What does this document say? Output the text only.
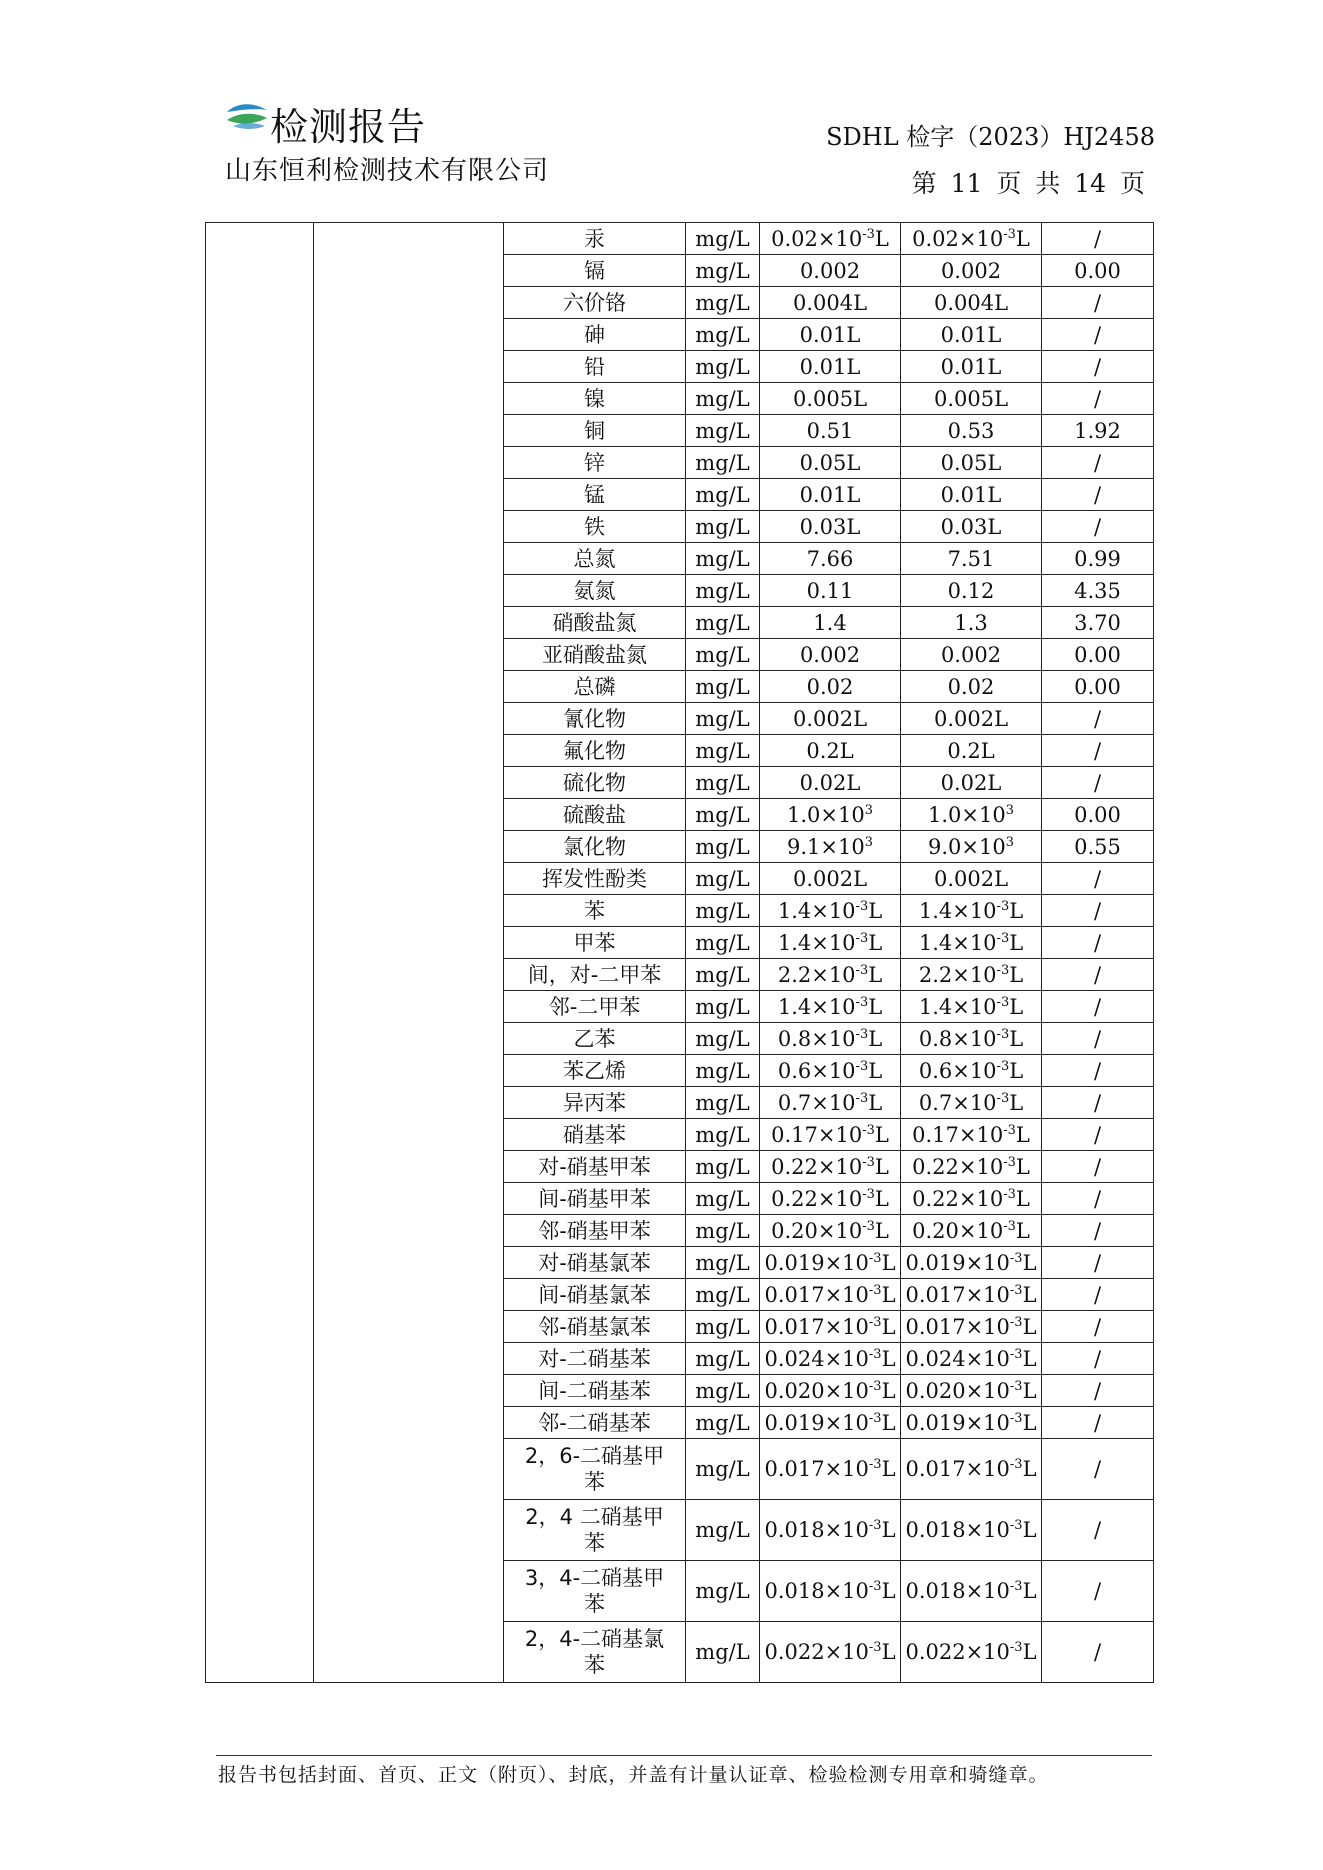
检测报告
山东恒利检测技术有限公司
SDHL 检字（2023）HJ2458
第 11 页 共 14 页
		汞	mg/L	$0.02\times 10^{-3}L$	$0.02\times 10^{-3}L$	/
		镉	mg/L	0.002	0.002	0.00
		六价铬	mg/L	0.004L	0.004L	/
		砷	mg/L	0.01L	0.01L	/
		铅	mg/L	0.01L	0.01L	/
		镍	mg/L	0.005L	0.005L	/
		铜	mg/L	0.51	0.53	1.92
		锌	mg/L	0.05L	0.05L	/
		锰	mg/L	0.01L	0.01L	/
		铁	mg/L	0.03L	0.03L	/
		总氮	mg/L	7.66	7.51	0.99
		氨氮	mg/L	0.11	0.12	4.35
		硝酸盐氮	mg/L	1.4	1.3	3.70
		亚硝酸盐氮	mg/L	0.002	0.002	0.00
		总磷	mg/L	0.02	0.02	0.00
		氰化物	mg/L	0.002L	0.002L	/
		氟化物	mg/L	0.2L	0.2L	/
		硫化物	mg/L	0.02L	0.02L	/
		硫酸盐	mg/L	$1.0\times 10^3$	$1.0\times 10^3$	0.00
		氯化物	mg/L	$9.1\times 10^3$	$9.0\times 10^3$	0.55
		挥发性酚类	mg/L	0.002L	0.002L	/
		苯	mg/L	$1.4\times 10^{-3}L$	$1.4\times 10^{-3}L$	/
		甲苯	mg/L	$1.4\times 10^{-3}L$	$1.4\times 10^{-3}L$	/
		间，对-二甲苯	mg/L	$2.2\times 10^{-3}L$	$2.2\times 10^{-3}L$	/
		邻-二甲苯	mg/L	$1.4\times 10^{-3}L$	$1.4\times 10^{-3}L$	/
		乙苯	mg/L	$0.8\times 10^{-3}L$	$0.8\times 10^{-3}L$	/
		苯乙烯	mg/L	$0.6\times 10^{-3}L$	$0.6\times 10^{-3}L$	/
		异丙苯	mg/L	$0.7\times 10^{-3}L$	$0.7\times 10^{-3}L$	/
		硝基苯	mg/L	$0.17\times 10^{-3}L$	$0.17\times 10^{-3}L$	/
		对-硝基甲苯	mg/L	$0.22\times 10^{-3}L$	$0.22\times 10^{-3}L$	/
		间-硝基甲苯	mg/L	$0.22\times 10^{-3}L$	$0.22\times 10^{-3}L$	/
		邻-硝基甲苯	mg/L	$0.20\times 10^{-3}L$	$0.20\times 10^{-3}L$	/
		对-硝基氯苯	mg/L	$0.019\times 10^{-3}L$	$0.019\times 10^{-3}L$	/
		间-硝基氯苯	mg/L	$0.017\times 10^{-3}L$	$0.017\times 10^{-3}L$	/
		邻-硝基氯苯	mg/L	$0.017\times 10^{-3}L$	$0.017\times 10^{-3}L$	/
		对-二硝基苯	mg/L	$0.024\times 10^{-3}L$	$0.024\times 10^{-3}L$	/
		间-二硝基苯	mg/L	$0.020\times 10^{-3}L$	$0.020\times 10^{-3}L$	/
		邻-二硝基苯	mg/L	$0.019\times 10^{-3}L$	$0.019\times 10^{-3}L$	/
		2，6-二硝基甲
苯	mg/L	$0.017\times 10^{-3}L$	$0.017\times 10^{-3}L$	/
		2，4 二硝基甲
苯	mg/L	$0.018\times 10^{-3}L$	$0.018\times 10^{-3}L$	/
		3，4-二硝基甲
苯	mg/L	$0.018\times 10^{-3}L$	$0.018\times 10^{-3}L$	/
		2，4-二硝基氯
苯	mg/L	$0.022\times 10^{-3}L$	$0.022\times 10^{-3}L$	/
报告书包括封面、首页、正文（附页）、封底，并盖有计量认证章、检验检测专用章和骑缝章。
